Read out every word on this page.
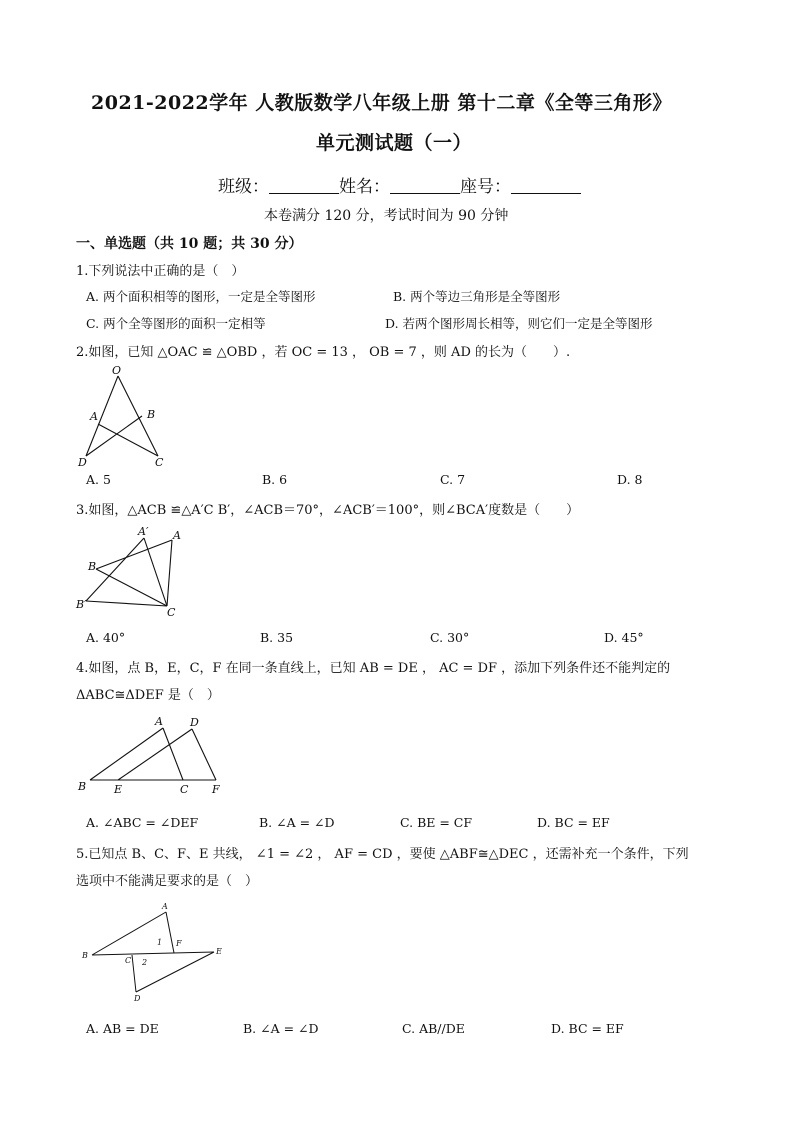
2021-2022学年 人教版数学八年级上册 第十二章《全等三角形》
单元测试题（一）
班级：	姓名：	座号：
本卷满分 120 分，考试时间为 90 分钟
一、单选题（共 10 题；共 30 分）
1.下列说法中正确的是（　）
A. 两个面积相等的图形，一定是全等图形	B. 两个等边三角形是全等图形
C. 两个全等图形的面积一定相等	D. 若两个图形周长相等，则它们一定是全等图形
2.如图，已知 △OAC ≌ △OBD ，若 OC = 13 ， OB = 7 ，则 AD 的长为（　　）.
O
A	B
D	C
A. 5	B. 6	C. 7	D. 8
3.如图，△ACB ≌△A′C B′，∠ACB＝70°，∠ACB′＝100°，则∠BCA′度数是（　　）
A′ A
B
B′
C
A. 40°	B. 35	C. 30°	D. 45°
4.如图，点 B，E，C，F 在同一条直线上，已知 AB = DE ， AC = DF ，添加下列条件还不能判定的
ΔABC≅ΔDEF 是（　）
A D
B	E	C F
A. ∠ABC = ∠DEF	B. ∠A = ∠D	C. BE = CF	D. BC = EF
5.已知点 B、C、F、E 共线， ∠1 = ∠2 ， AF = CD ，要使 △ABF≅△DEC ，还需补充一个条件，下列
选项中不能满足要求的是（　）
A
1 F
B	E
C 2
D
A. AB = DE	B. ∠A = ∠D	C. AB//DE	D. BC = EF
